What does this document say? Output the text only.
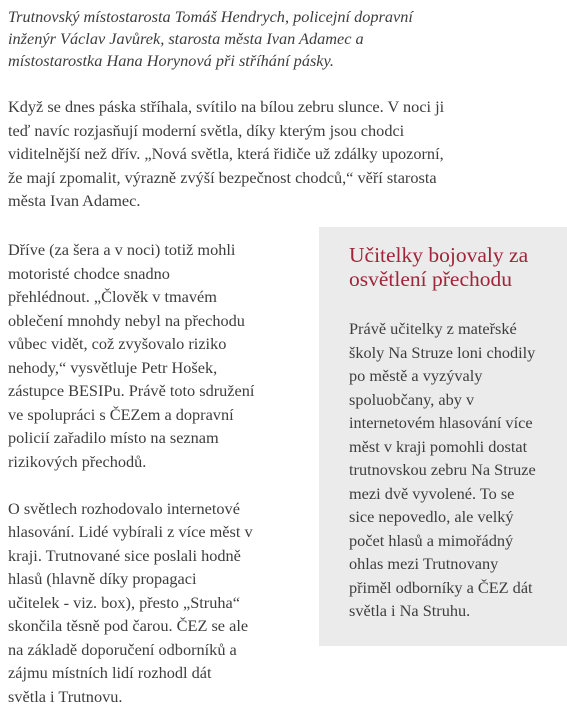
Trutnovský místostarosta Tomáš Hendrych, policejní dopravní
inženýr Václav Javůrek, starosta města Ivan Adamec a
místostarostka Hana Horynová při stříhání pásky.
Když se dnes páska stříhala, svítilo na bílou zebru slunce. V noci ji
teď navíc rozjasňují moderní světla, díky kterým jsou chodci
viditelnější než dřív. „Nová světla, která řidiče už zdálky upozorní,
že mají zpomalit, výrazně zvýší bezpečnost chodců,“ věří starosta
města Ivan Adamec.
Dříve (za šera a v noci) totiž mohli
motoristé chodce snadno
přehlédnout. „Člověk v tmavém
oblečení mnohdy nebyl na přechodu
vůbec vidět, což zvyšovalo riziko
nehody,“ vysvětluje Petr Hošek,
zástupce BESIPu. Právě toto sdružení
ve spolupráci s ČEZem a dopravní
policií zařadilo místo na seznam
rizikových přechodů.
O světlech rozhodovalo internetové
hlasování. Lidé vybírali z více měst v
kraji. Trutnované sice poslali hodně
hlasů (hlavně díky propagaci
učitelek - viz. box), přesto „Struha“
skončila těsně pod čarou. ČEZ se ale
na základě doporučení odborníků a
zájmu místních lidí rozhodl dát
světla i Trutnovu.
Učitelky bojovaly za
osvětlení přechodu
Právě učitelky z mateřské
školy Na Struze loni chodily
po městě a vyzývaly
spoluobčany, aby v
internetovém hlasování více
měst v kraji pomohli dostat
trutnovskou zebru Na Struze
mezi dvě vyvolené. To se
sice nepovedlo, ale velký
počet hlasů a mimořádný
ohlas mezi Trutnovany
přiměl odborníky a ČEZ dát
světla i Na Struhu.
